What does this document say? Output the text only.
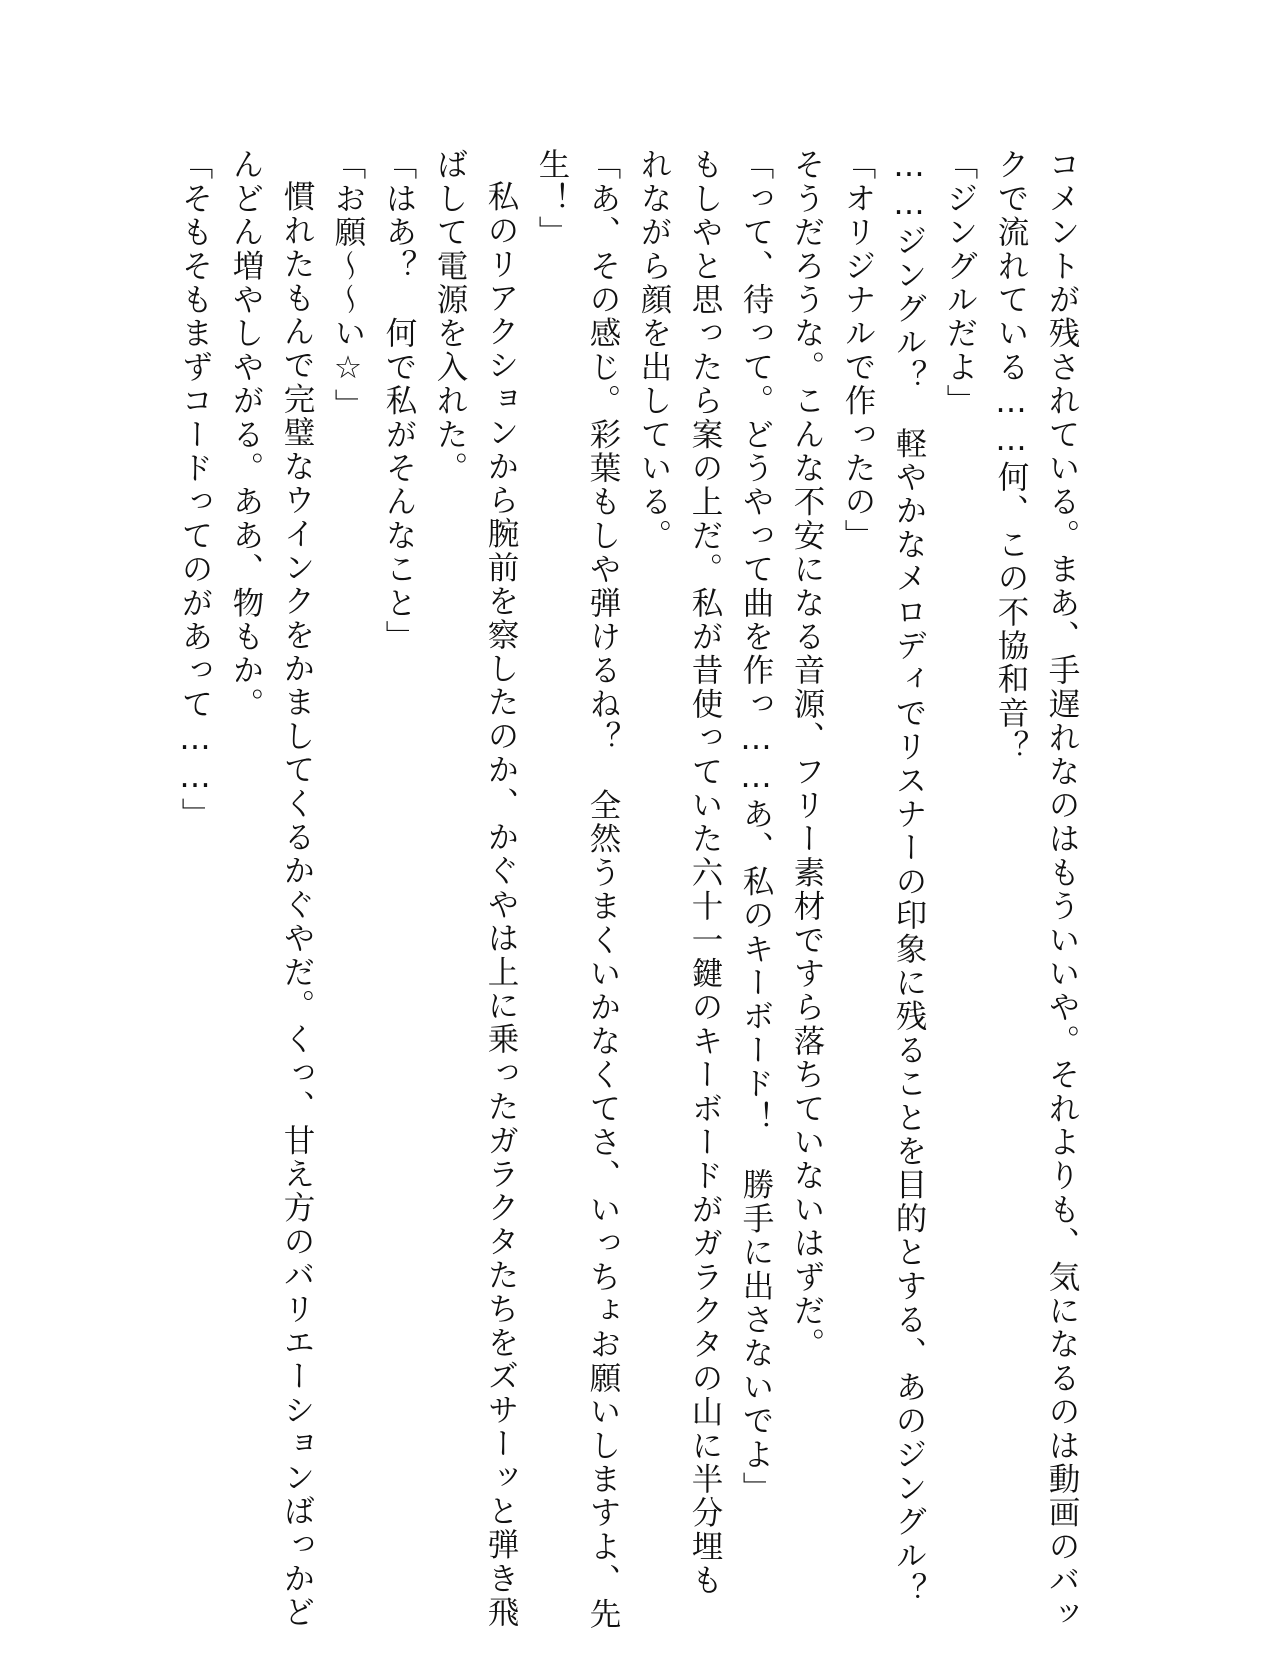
コメントが残されている。まあ、手遅れなのはもういいや。それよりも、気になるのは動画のバッ
クで流れている……何、この不協和音？
「ジングルだよ」
……ジングル？　軽やかなメロディでリスナーの印象に残ることを目的とする、あのジングル？
「オリジナルで作ったの」
そうだろうな。こんな不安になる音源、フリー素材ですら落ちていないはずだ。
「って、待って。どうやって曲を作っ……あ、私のキーボード！　勝手に出さないでよ」
もしやと思ったら案の上だ。私が昔使っていた六十一鍵のキーボードがガラクタの山に半分埋も
れながら顔を出している。
「あ、その感じ。彩葉もしや弾けるね？　全然うまくいかなくてさ、いっちょお願いしますよ、先
生！」
私のリアクションから腕前を察したのか、かぐやは上に乗ったガラクタたちをズサーッと弾き飛
ばして電源を入れた。
「はあ？　何で私がそんなこと」
「お願〜〜い☆」
慣れたもんで完璧なウインクをかましてくるかぐやだ。くっ、甘え方のバリエーションばっかど
んどん増やしやがる。ああ、物もか。
「そもそもまずコードってのがあって……」
